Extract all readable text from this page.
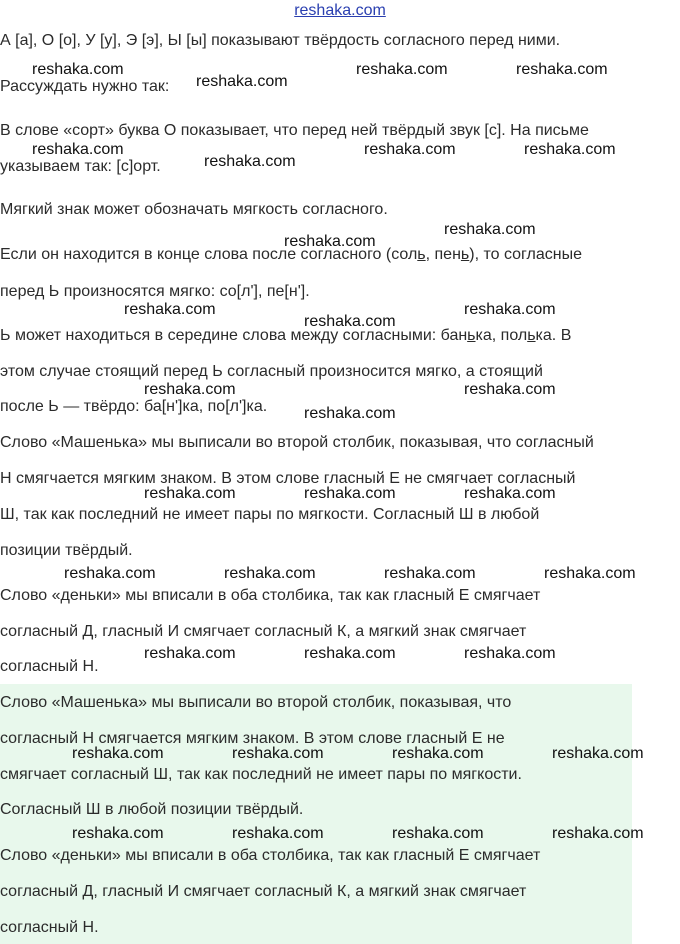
reshaka.com
А [а], О [о], У [у], Э [э], Ы [ы] показывают твёрдость согласного перед ними.
Рассуждать нужно так:
В слове «сорт» буква О показывает, что перед ней твёрдый звук [с]. На письме
указываем так: [с]орт.
Мягкий знак может обозначать мягкость согласного.
Если он находится в конце слова после согласного (соль, пень), то согласные
перед Ь произносятся мягко: со[л'], пе[н'].
Ь может находиться в середине слова между согласными: банька, полька. В
этом случае стоящий перед Ь согласный произносится мягко, а стоящий
после Ь — твёрдо: ба[н']ка, по[л']ка.
Слово «Машенька» мы выписали во второй столбик, показывая, что согласный
Н смягчается мягким знаком. В этом слове гласный Е не смягчает согласный
Ш, так как последний не имеет пары по мягкости. Согласный Ш в любой
позиции твёрдый.
Слово «деньки» мы вписали в оба столбика, так как гласный Е смягчает
согласный Д, гласный И смягчает согласный К, а мягкий знак смягчает
согласный Н.
Слово «Машенька» мы выписали во второй столбик, показывая, что
согласный Н смягчается мягким знаком. В этом слове гласный Е не
смягчает согласный Ш, так как последний не имеет пары по мягкости.
Согласный Ш в любой позиции твёрдый.
Слово «деньки» мы вписали в оба столбика, так как гласный Е смягчает
согласный Д, гласный И смягчает согласный К, а мягкий знак смягчает
согласный Н.
reshaka.com
reshaka.com
reshaka.com	reshaka.com
reshaka.com	reshaka.com	reshaka.com
reshaka.com
reshaka.com
reshaka.com
reshaka.com	reshaka.com
reshaka.com
reshaka.com	reshaka.com
reshaka.com
reshaka.com	reshaka.com	reshaka.com
reshaka.com	reshaka.com	reshaka.com	reshaka.com
reshaka.com	reshaka.com	reshaka.com
reshaka.com	reshaka.com	reshaka.com	reshaka.com
reshaka.com	reshaka.com	reshaka.com	reshaka.com
